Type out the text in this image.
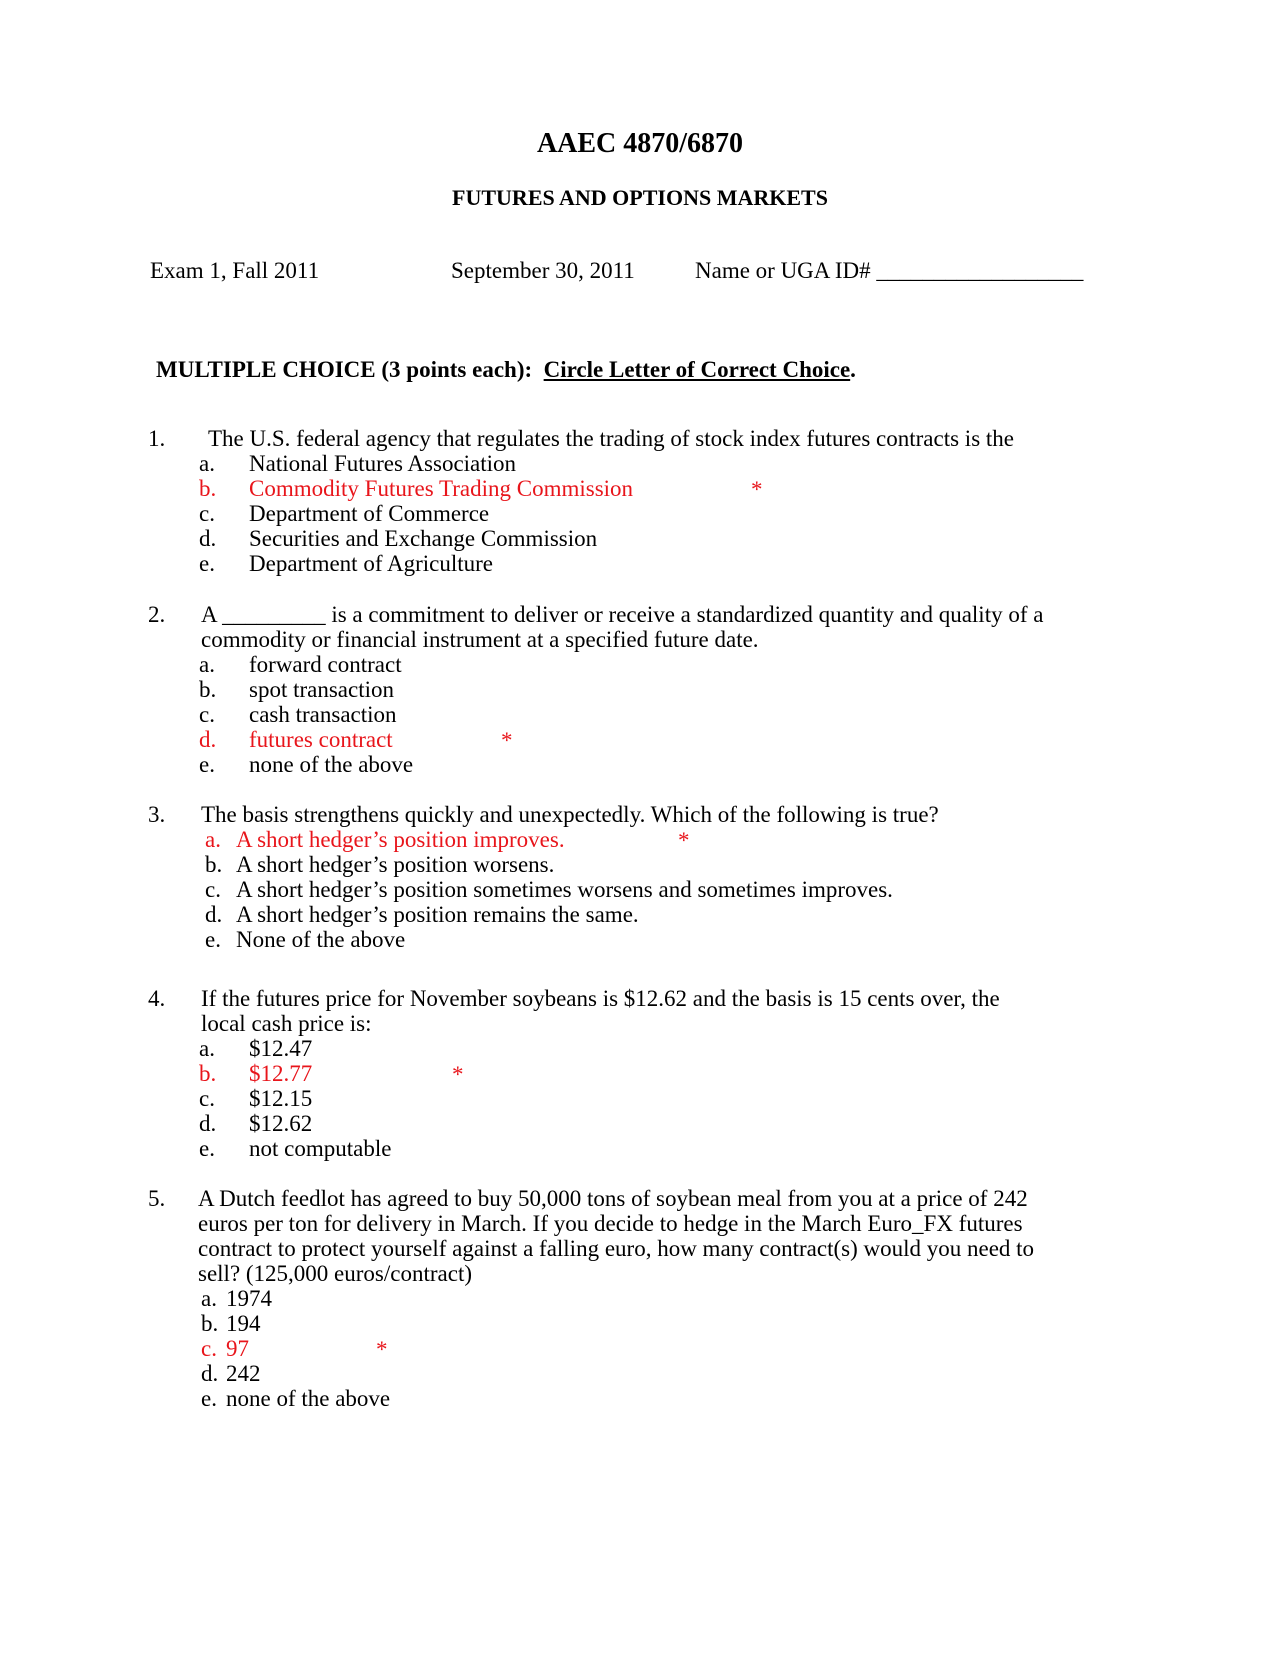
AAEC 4870/6870
FUTURES AND OPTIONS MARKETS
Exam 1, Fall 2011	September 30, 2011	Name or UGA ID# __________________
MULTIPLE CHOICE (3 points each): Circle Letter of Correct Choice.
1. The U.S. federal agency that regulates the trading of stock index futures contracts is the
a. National Futures Association
b. Commodity Futures Trading Commission	*
c. Department of Commerce
d. Securities and Exchange Commission
e. Department of Agriculture
2. A _________ is a commitment to deliver or receive a standardized quantity and quality of a
commodity or financial instrument at a specified future date.
a. forward contract
b. spot transaction
c. cash transaction
d. futures contract	*
e. none of the above
3. The basis strengthens quickly and unexpectedly. Which of the following is true?
a. A short hedger’s position improves.	*
b. A short hedger’s position worsens.
c. A short hedger’s position sometimes worsens and sometimes improves.
d. A short hedger’s position remains the same.
e. None of the above
4. If the futures price for November soybeans is $12.62 and the basis is 15 cents over, the
local cash price is:
a. $12.47
b. $12.77	*
c. $12.15
d. $12.62
e. not computable
5. A Dutch feedlot has agreed to buy 50,000 tons of soybean meal from you at a price of 242
euros per ton for delivery in March. If you decide to hedge in the March Euro_FX futures
contract to protect yourself against a falling euro, how many contract(s) would you need to
sell? (125,000 euros/contract)
a. 1974
b. 194
c. 97	*
d. 242
e. none of the above
